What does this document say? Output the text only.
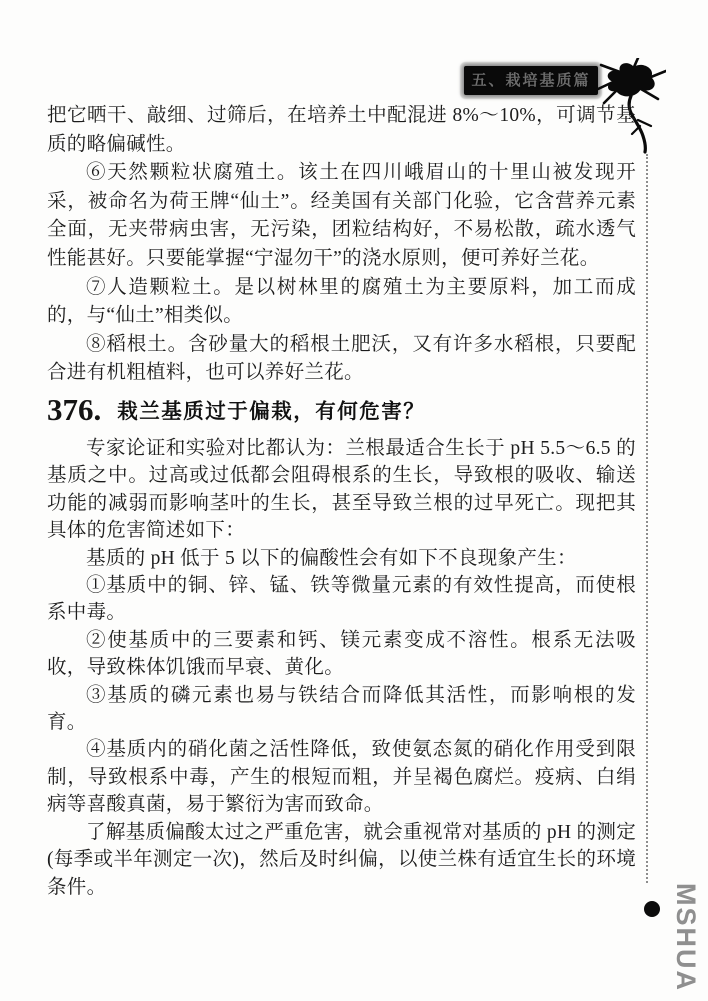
五、栽培基质篇
MSHUA

把它晒干、敲细、过筛后，在培养土中配混进 8%～10%，可调节基质的略偏碱性。

⑥天然颗粒状腐殖土。该土在四川峨眉山的十里山被发现开采，被命名为荷王牌“仙土”。经美国有关部门化验，它含营养元素全面，无夹带病虫害，无污染，团粒结构好，不易松散，疏水透气性能甚好。只要能掌握“宁湿勿干”的浇水原则，便可养好兰花。

⑦人造颗粒土。是以树林里的腐殖土为主要原料，加工而成的，与“仙土”相类似。

⑧稻根土。含砂量大的稻根土肥沃，又有许多水稻根，只要配合进有机粗植料，也可以养好兰花。

376. 栽兰基质过于偏栽，有何危害？

专家论证和实验对比都认为：兰根最适合生长于 pH 5.5～6.5 的基质之中。过高或过低都会阻碍根系的生长，导致根的吸收、输送功能的减弱而影响茎叶的生长，甚至导致兰根的过早死亡。现把其具体的危害简述如下：

基质的 pH 低于 5 以下的偏酸性会有如下不良现象产生：

①基质中的铜、锌、锰、铁等微量元素的有效性提高，而使根系中毒。

②使基质中的三要素和钙、镁元素变成不溶性。根系无法吸收，导致株体饥饿而早衰、黄化。

③基质的磷元素也易与铁结合而降低其活性，而影响根的发育。

④基质内的硝化菌之活性降低，致使氨态氮的硝化作用受到限制，导致根系中毒，产生的根短而粗，并呈褐色腐烂。疫病、白绢病等喜酸真菌，易于繁衍为害而致命。

了解基质偏酸太过之严重危害，就会重视常对基质的 pH 的测定(每季或半年测定一次)，然后及时纠偏，以使兰株有适宜生长的环境条件。
